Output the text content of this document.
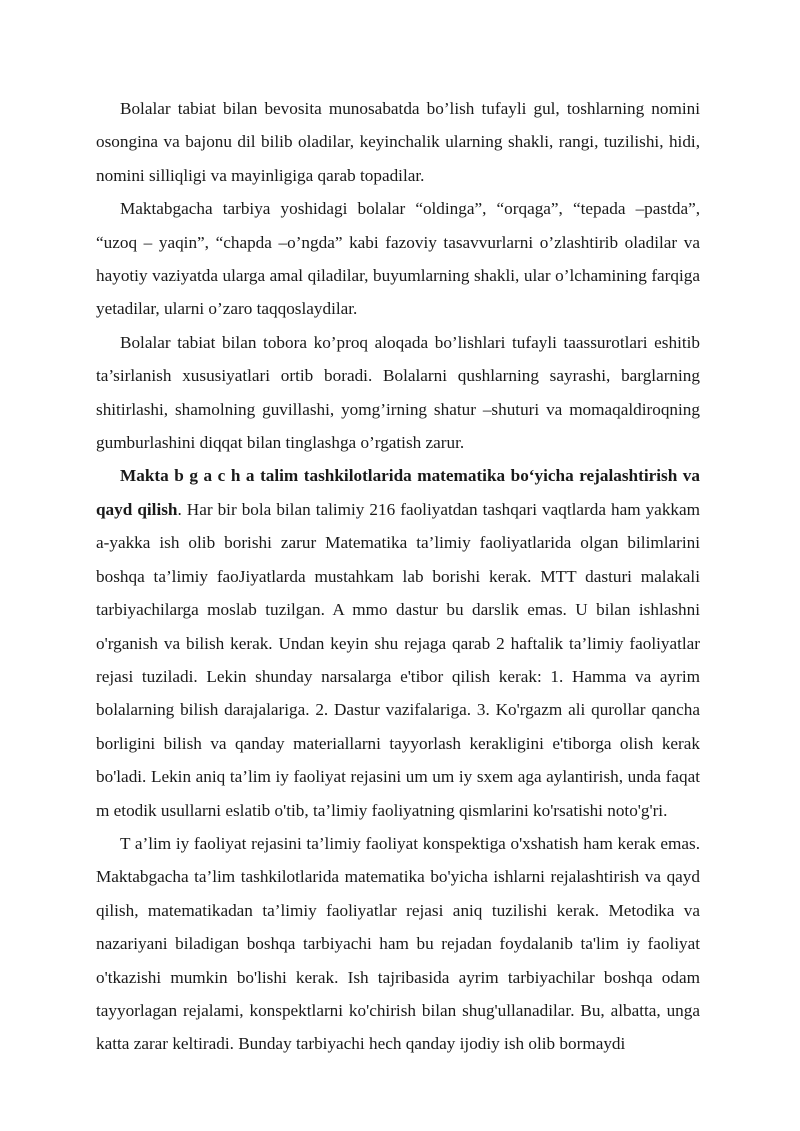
Bolalar tabiat bilan bevosita munosabatda bo’lish tufayli gul, toshlarning nomini osongina va bajonu dil bilib oladilar, keyinchalik ularning shakli, rangi, tuzilishi, hidi, nomini silliqligi va mayinligiga qarab topadilar.

Maktabgacha tarbiya yoshidagi bolalar “oldinga”, “orqaga”, “tepada –pastda”, “uzoq – yaqin”, “chapda –o’ngda” kabi fazoviy tasavvurlarni o’zlashtirib oladilar va hayotiy vaziyatda ularga amal qiladilar, buyumlarning shakli, ular o’lchamining farqiga yetadilar, ularni o’zaro taqqoslaydilar.

Bolalar tabiat bilan tobora ko’proq aloqada bo’lishlari tufayli taassurotlari eshitib ta’sirlanish xususiyatlari ortib boradi. Bolalarni qushlarning sayrashi, barglarning shitirlashi, shamolning guvillashi, yomg’irning shatur –shuturi va momaqaldiroqning gumburlashini diqqat bilan tinglashga o’rgatish zarur.

Makta b g a c h a talim tashkilotlarida matematika bo‘yicha rejalashtirish va qayd qilish. Har bir bola bilan talimiy 216 faoliyatdan tashqari vaqtlarda ham yakkam a-yakka ish olib borishi zarur Matematika ta’limiy faoliyatlarida olgan bilimlarini boshqa ta’limiy faoJiyatlarda mustahkam lab borishi kerak. MTT dasturi malakali tarbiyachilarga moslab tuzilgan. A mmo dastur bu darslik emas. U bilan ishlashni o'rganish va bilish kerak. Undan keyin shu rejaga qarab 2 haftalik ta’limiy faoliyatlar rejasi tuziladi. Lekin shunday narsalarga e'tibor qilish kerak: 1. Hamma va ayrim bolalarning bilish darajalariga. 2. Dastur vazifalariga. 3. Ko'rgazm ali qurollar qancha borligini bilish va qanday materiallarni tayyorlash kerakligini e'tiborga olish kerak bo'ladi. Lekin aniq ta’lim iy faoliyat rejasini um um iy sxem aga aylantirish, unda faqat m etodik usullarni eslatib o'tib, ta’limiy faoliyatning qismlarini ko'rsatishi noto'g'ri.

T a’lim iy faoliyat rejasini ta’limiy faoliyat konspektiga o'xshatish ham kerak emas. Maktabgacha ta’lim tashkilotlarida matematika bo'yicha ishlarni rejalashtirish va qayd qilish, matematikadan ta’limiy faoliyatlar rejasi aniq tuzilishi kerak. Metodika va nazariyani biladigan boshqa tarbiyachi ham bu rejadan foydalanib ta'lim iy faoliyat o'tkazishi mumkin bo'lishi kerak. Ish tajribasida ayrim tarbiyachilar boshqa odam tayyorlagan rejalami, konspektlarni ko'chirish bilan shug'ullanadilar. Bu, albatta, unga katta zarar keltiradi. Bunday tarbiyachi hech qanday ijodiy ish olib bormaydi
